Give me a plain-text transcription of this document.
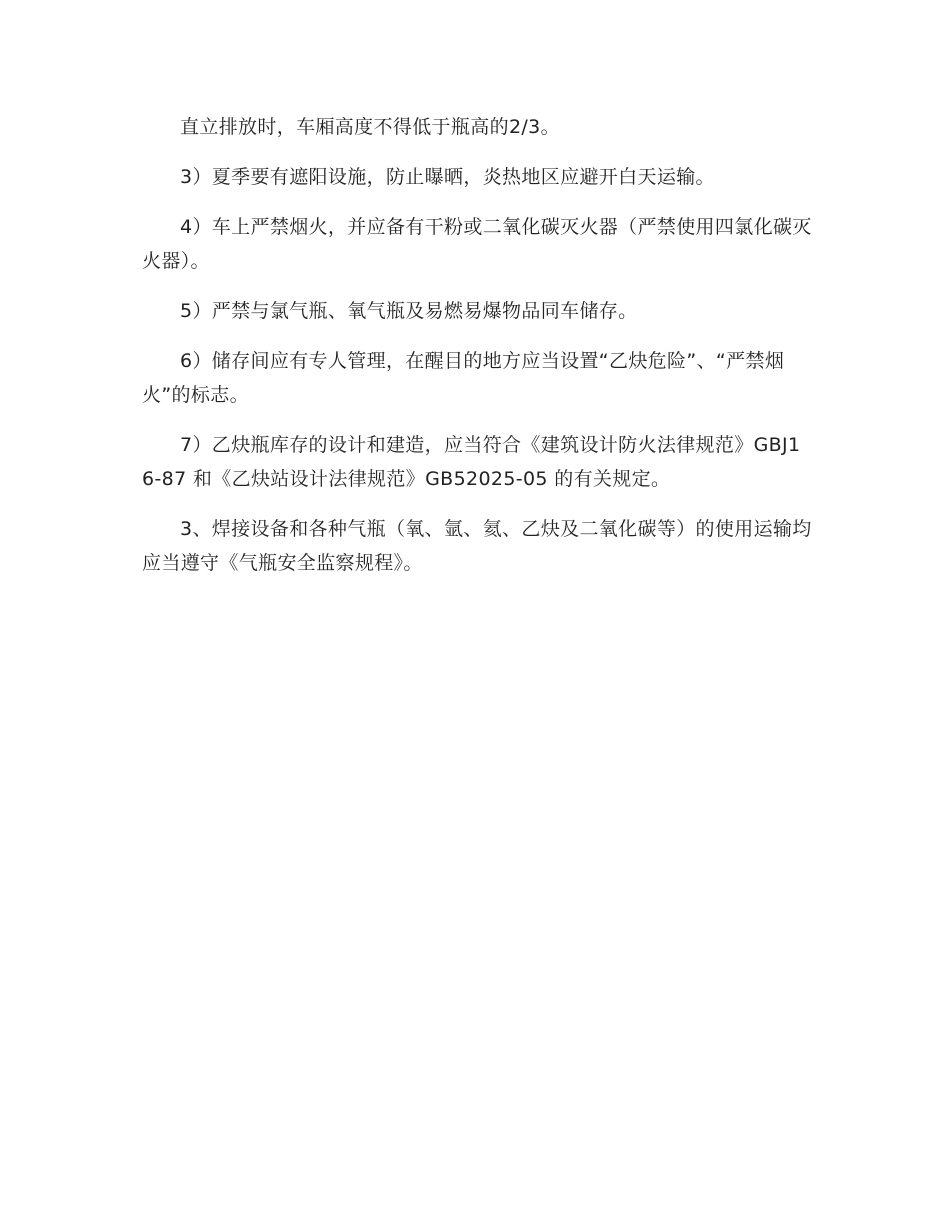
直立排放时，车厢高度不得低于瓶高的2/3。

3）夏季要有遮阳设施，防止曝晒，炎热地区应避开白天运输。

4）车上严禁烟火，并应备有干粉或二氧化碳灭火器（严禁使用四氯化碳灭火器）。

5）严禁与氯气瓶、氧气瓶及易燃易爆物品同车储存。

6）储存间应有专人管理，在醒目的地方应当设置“乙炔危险”、“严禁烟火”的标志。

7）乙炔瓶库存的设计和建造，应当符合《建筑设计防火法律规范》GBJ16-87 和《乙炔站设计法律规范》GB52025-05 的有关规定。

3、焊接设备和各种气瓶（氧、氩、氦、乙炔及二氧化碳等）的使用运输均应当遵守《气瓶安全监察规程》。
